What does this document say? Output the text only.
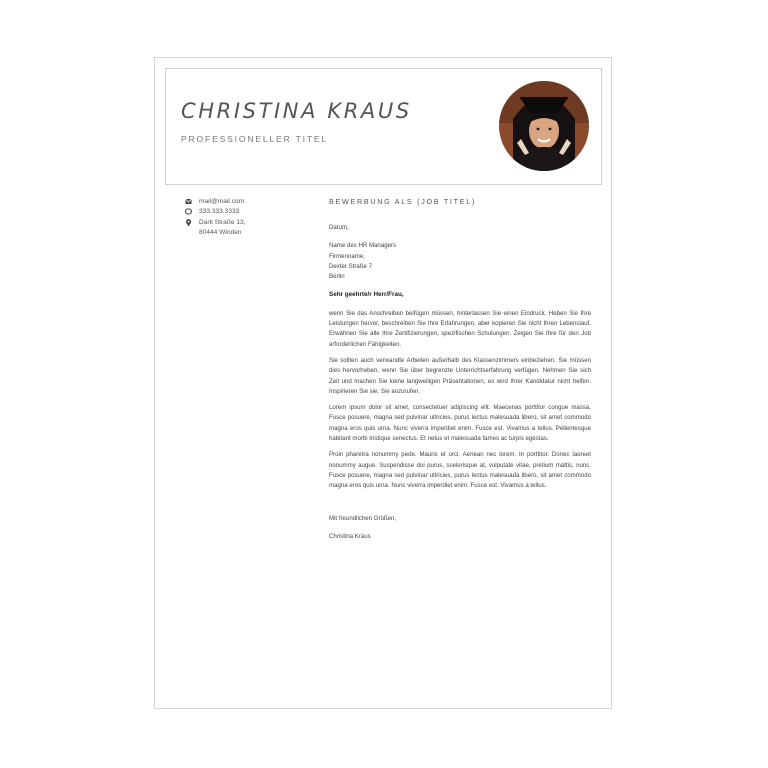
CHRISTINA KRAUS

PROFESSIONELLER TITEL

mail@mail.com
333.333.3333
Dark Straße 13,
80444 Winden
BEWERBUNG ALS (JOB TITEL)
Datum,
Name des HR Managers
Firmenname,
Dexter Straße 7
Berlin
Sehr geehrte/r Herr/Frau,

wenn Sie das Anschreiben beifügen müssen, hinterlassen Sie einen Eindruck. Heben Sie Ihre Leistungen hervor, beschreiben Sie Ihre Erfahrungen, aber kopieren Sie nicht Ihren Lebenslauf. Erwähnen Sie alle Ihre Zertifizierungen, spezifischen Schulungen. Zeigen Sie Ihre für den Job erforderlichen Fähigkeiten.

Sie sollten auch verwandte Arbeiten außerhalb des Klassenzimmers einbeziehen. Sie müssen dies hervorheben, wenn Sie über begrenzte Unterrichtserfahrung verfügen. Nehmen Sie sich Zeit und machen Sie keine langweiligen Präsentationen, es wird Ihrer Kandidatur nicht helfen. Inspirieren Sie sie, Sie anzurufen.

Lorem ipsum dolor sit amet, consectetuer adipiscing elit. Maecenas porttitor congue massa. Fusce posuere, magna sed pulvinar ultricies, purus lectus malesuada libero, sit amet commodo magna eros quis urna. Nunc viverra imperdiet enim. Fusce est. Vivamus a tellus. Pellentesque habitant morbi tristique senectus. Et netus et malesuada fames ac turpis egestas.

Proin pharetra nonummy pede. Mauris et orci. Aenean nec lorem. In porttitor. Donec laoreet nonummy augue. Suspendisse dui purus, scelerisque at, vulputate vitae, pretium mattis, nunc. Fusce posuere, magna sed pulvinar ultricies, purus lectus malesuada libero, sit amet commodo magna eros quis urna. Nunc viverra imperdiet enim. Fusce est. Vivamus a tellus.

Mit freundlichen Grüßen,
Christina Kraus
